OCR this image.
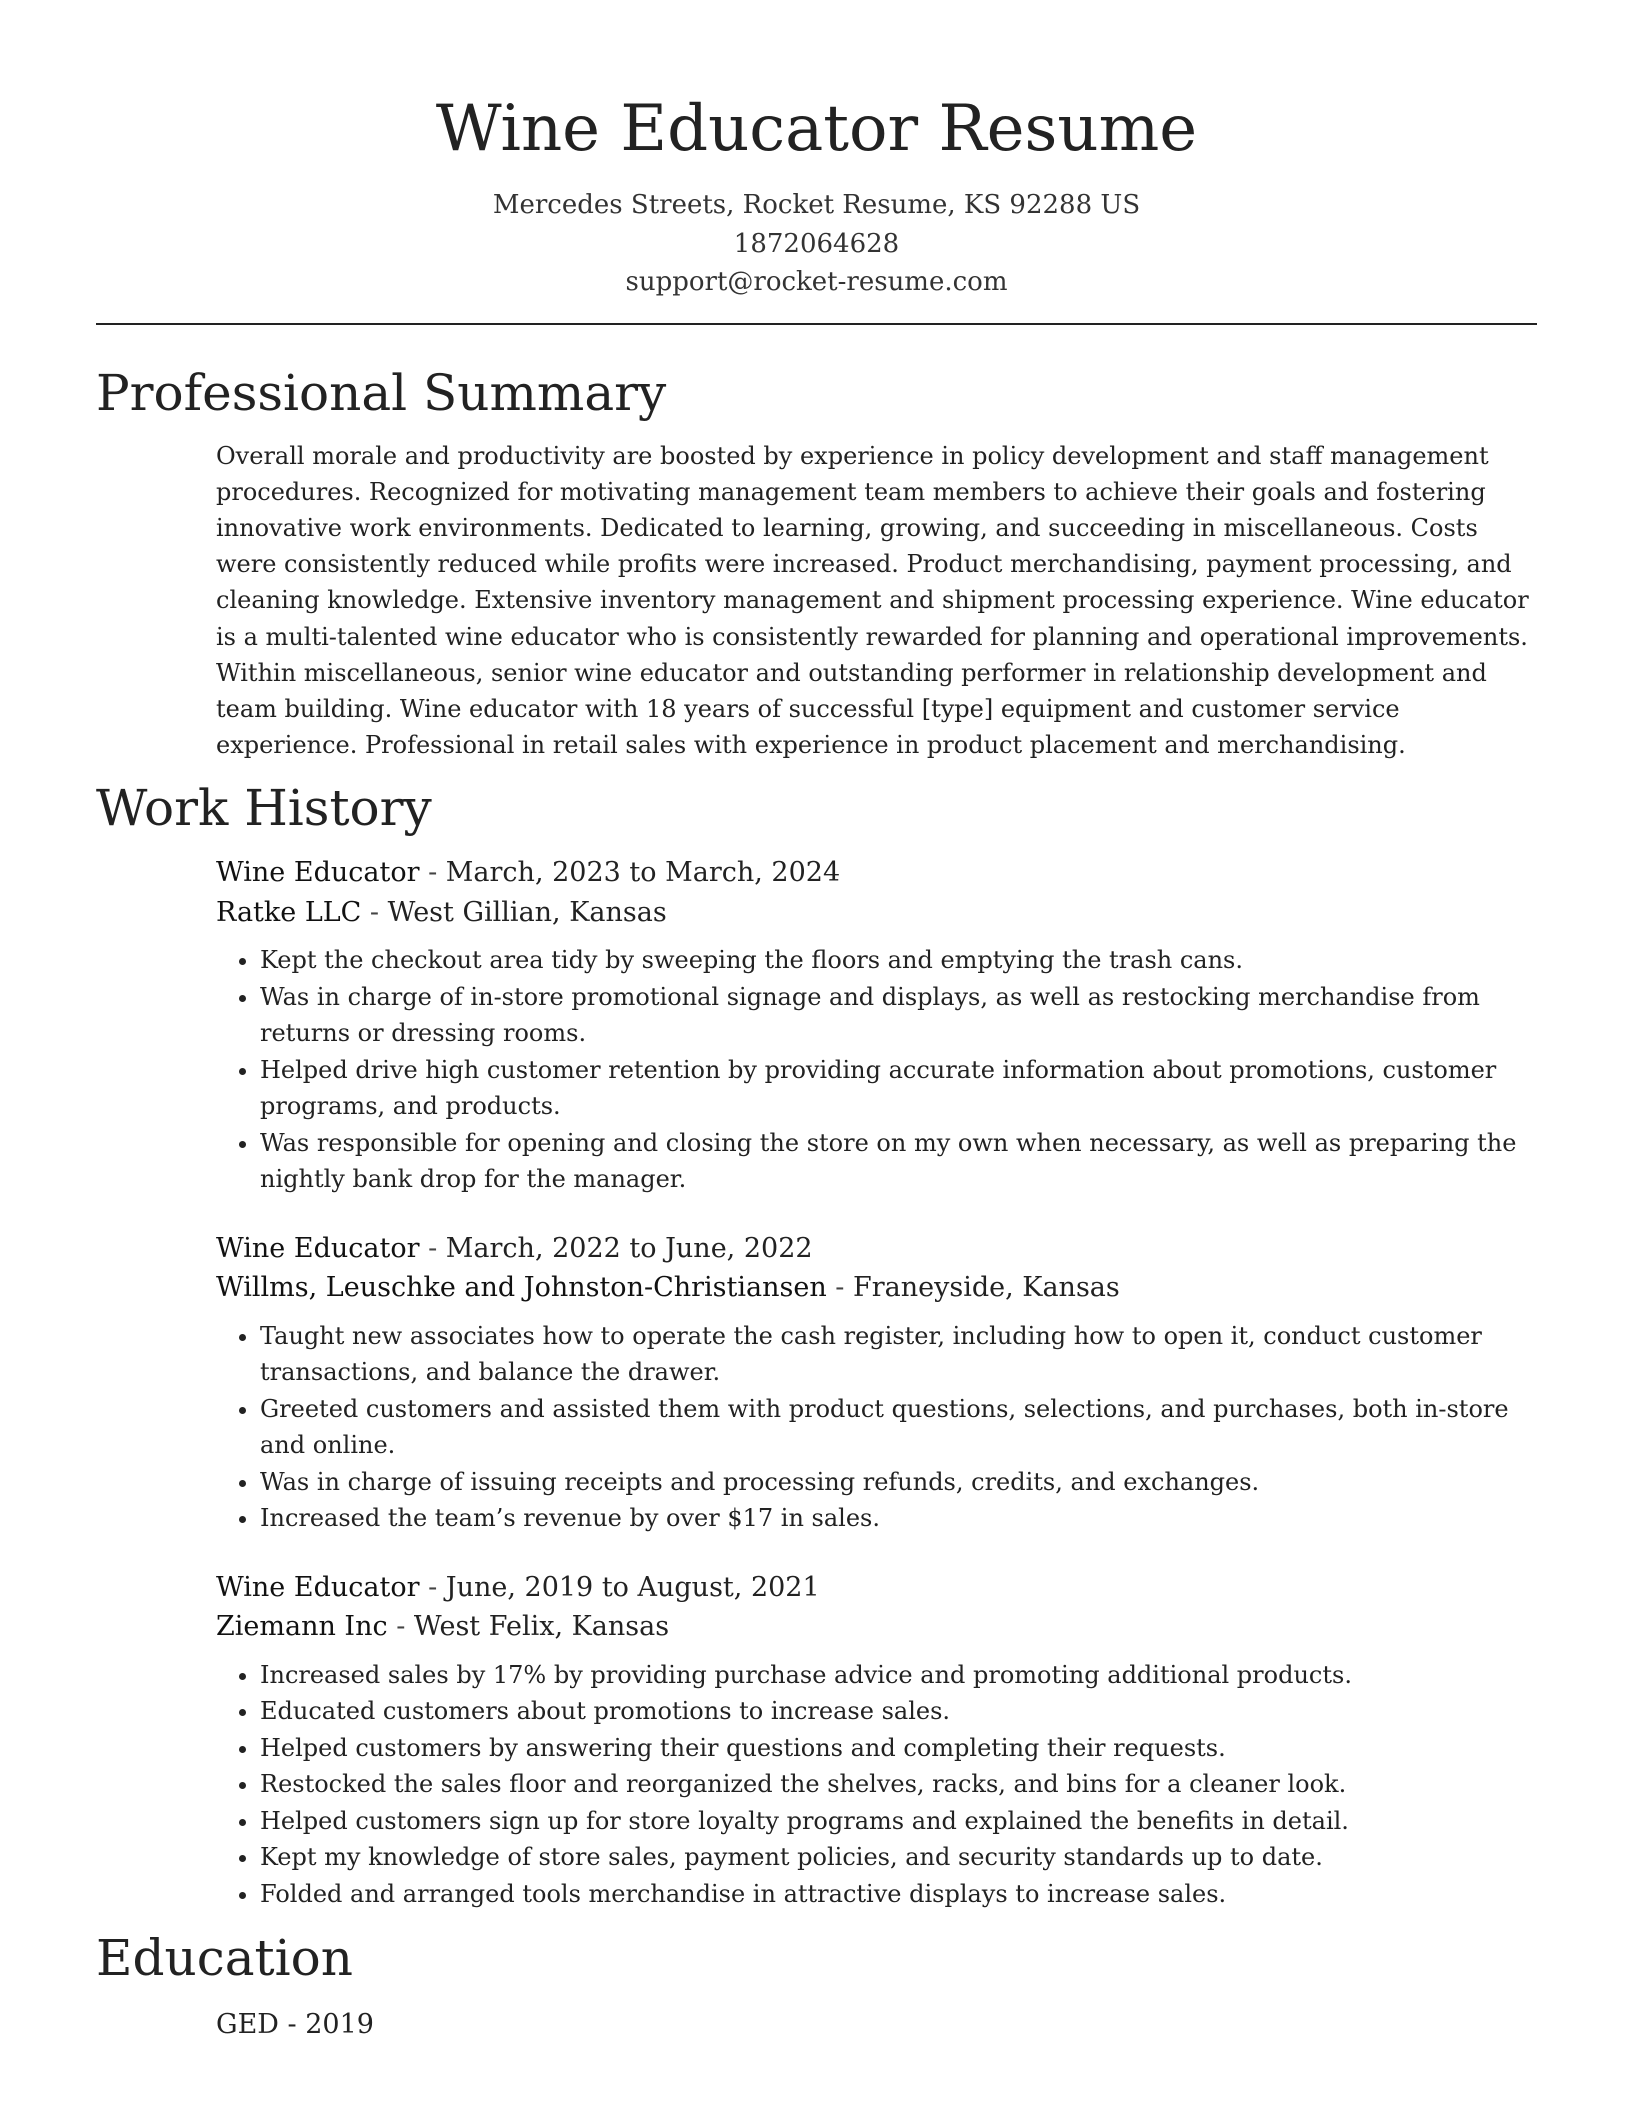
Wine Educator Resume
Mercedes Streets, Rocket Resume, KS 92288 US
1872064628
support@rocket-resume.com
Professional Summary

Overall morale and productivity are boosted by experience in policy development and staff management procedures. Recognized for motivating management team members to achieve their goals and fostering innovative work environments. Dedicated to learning, growing, and succeeding in miscellaneous. Costs were consistently reduced while profits were increased. Product merchandising, payment processing, and cleaning knowledge. Extensive inventory management and shipment processing experience. Wine educator is a multi-talented wine educator who is consistently rewarded for planning and operational improvements. Within miscellaneous, senior wine educator and outstanding performer in relationship development and team building. Wine educator with 18 years of successful [type] equipment and customer service experience. Professional in retail sales with experience in product placement and merchandising.

Work History
Wine Educator - March, 2023 to March, 2024
Ratke LLC - West Gillian, Kansas
• Kept the checkout area tidy by sweeping the floors and emptying the trash cans.
• Was in charge of in-store promotional signage and displays, as well as restocking merchandise from returns or dressing rooms.
• Helped drive high customer retention by providing accurate information about promotions, customer programs, and products.
• Was responsible for opening and closing the store on my own when necessary, as well as preparing the nightly bank drop for the manager.
Wine Educator - March, 2022 to June, 2022
Willms, Leuschke and Johnston-Christiansen - Franeyside, Kansas
• Taught new associates how to operate the cash register, including how to open it, conduct customer transactions, and balance the drawer.
• Greeted customers and assisted them with product questions, selections, and purchases, both in-store and online.
• Was in charge of issuing receipts and processing refunds, credits, and exchanges.
• Increased the team’s revenue by over $17 in sales.
Wine Educator - June, 2019 to August, 2021
Ziemann Inc - West Felix, Kansas
• Increased sales by 17% by providing purchase advice and promoting additional products.
• Educated customers about promotions to increase sales.
• Helped customers by answering their questions and completing their requests.
• Restocked the sales floor and reorganized the shelves, racks, and bins for a cleaner look.
• Helped customers sign up for store loyalty programs and explained the benefits in detail.
• Kept my knowledge of store sales, payment policies, and security standards up to date.
• Folded and arranged tools merchandise in attractive displays to increase sales.
Education
GED - 2019
